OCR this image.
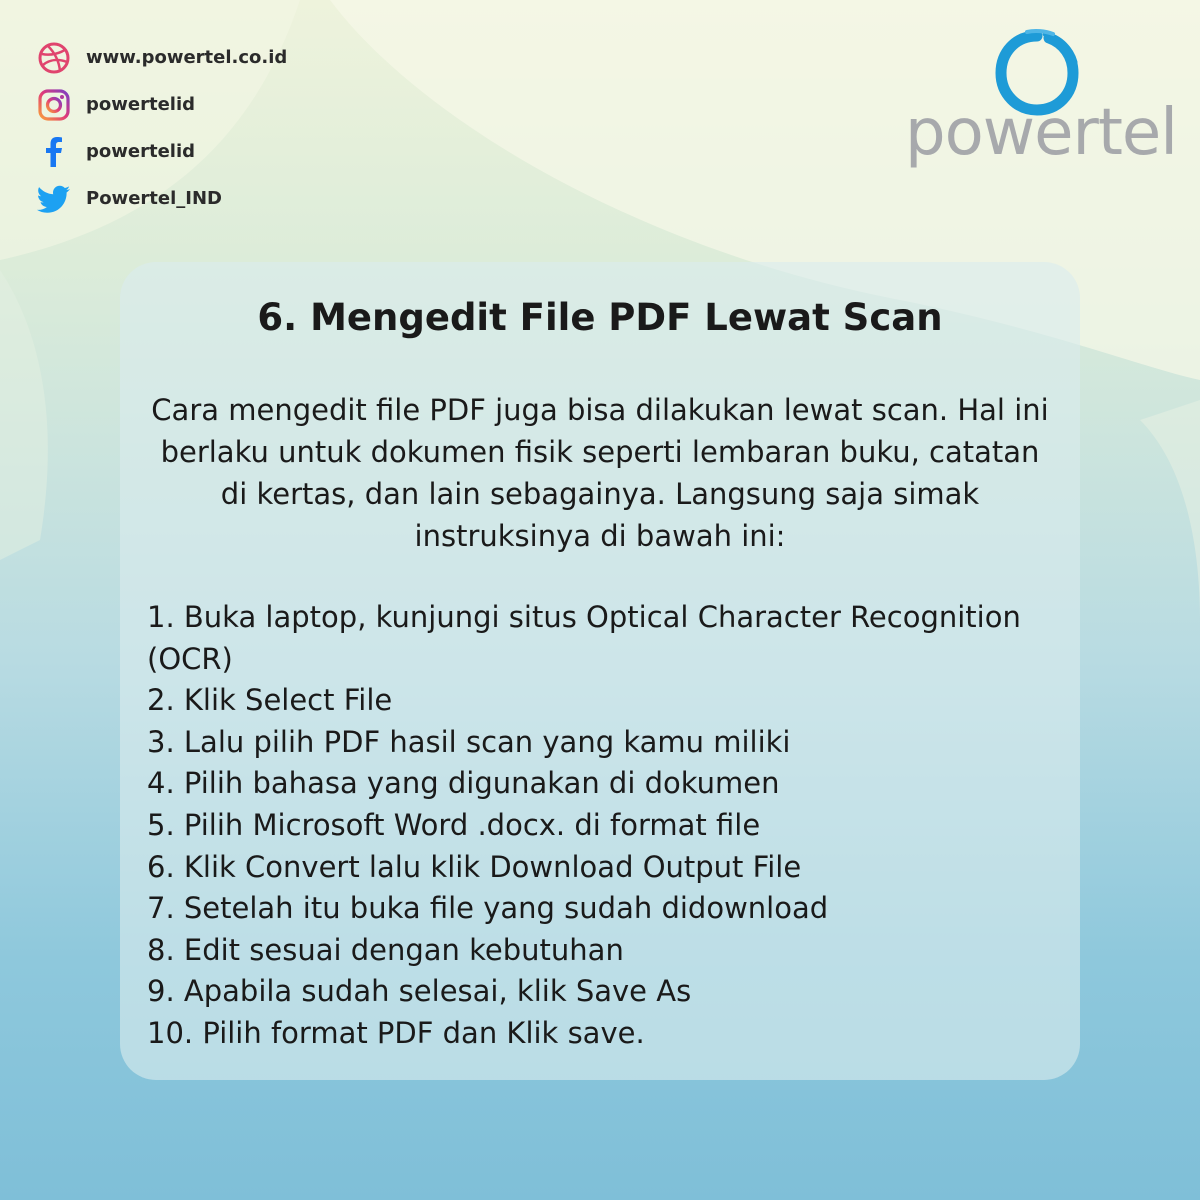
www.powertel.co.id
powertelid
powertelid
Powertel_IND
powertel
6. Mengedit File PDF Lewat Scan
Cara mengedit file PDF juga bisa dilakukan lewat scan. Hal ini berlaku untuk dokumen fisik seperti lembaran buku, catatan di kertas, dan lain sebagainya. Langsung saja simak instruksinya di bawah ini:
1. Buka laptop, kunjungi situs Optical Character Recognition (OCR)
2. Klik Select File
3. Lalu pilih PDF hasil scan yang kamu miliki
4. Pilih bahasa yang digunakan di dokumen
5. Pilih Microsoft Word .docx. di format file
6. Klik Convert lalu klik Download Output File
7. Setelah itu buka file yang sudah didownload
8. Edit sesuai dengan kebutuhan
9. Apabila sudah selesai, klik Save As
10. Pilih format PDF dan Klik save.
